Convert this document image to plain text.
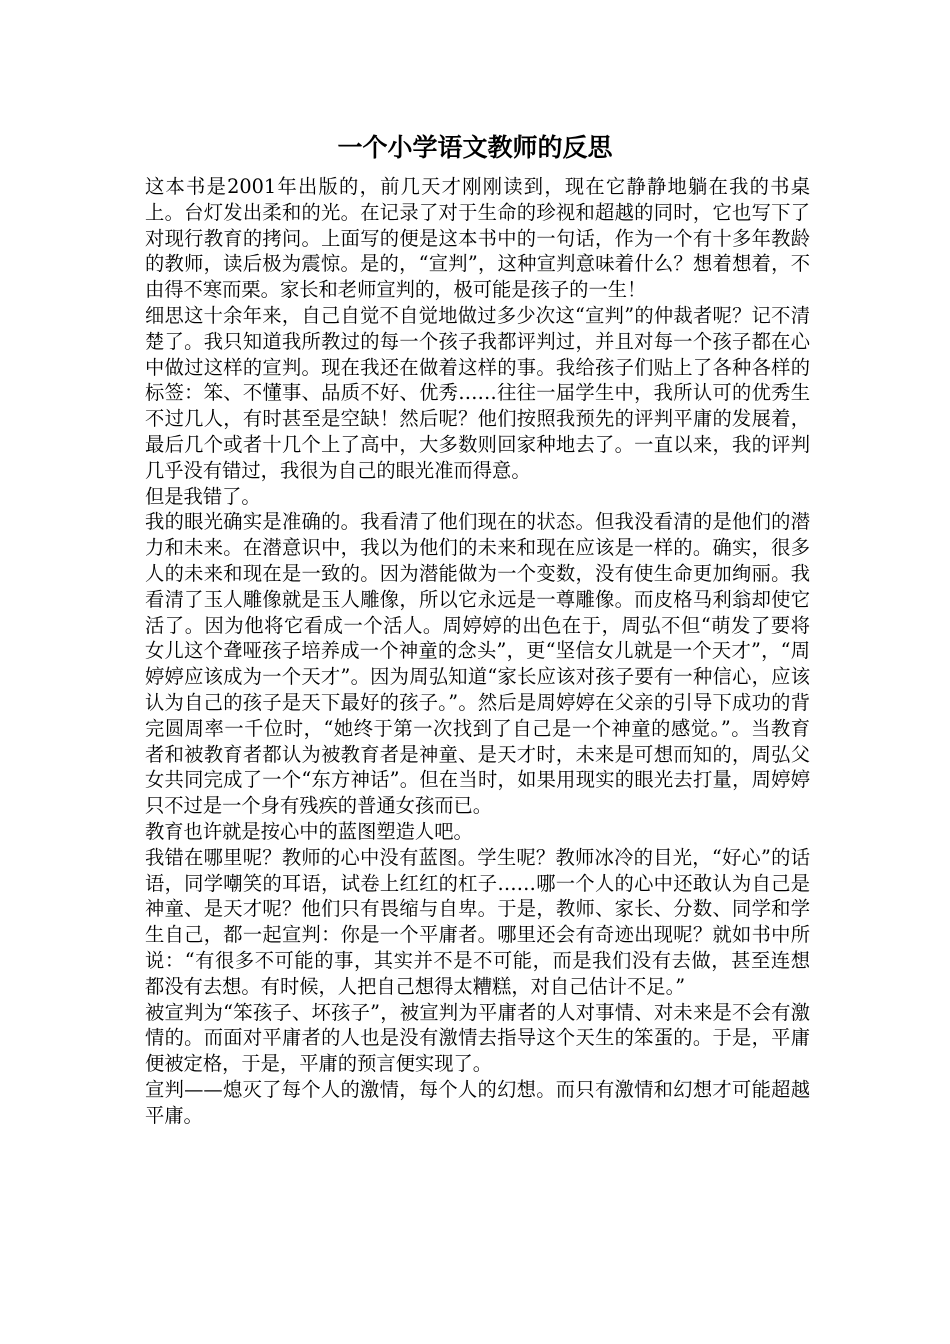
一个小学语文教师的反思

这本书是2001年出版的，前几天才刚刚读到，现在它静静地躺在我的书桌上。台灯发出柔和的光。在记录了对于生命的珍视和超越的同时，它也写下了对现行教育的拷问。上面写的便是这本书中的一句话，作为一个有十多年教龄的教师，读后极为震惊。是的，“宣判”，这种宣判意味着什么？想着想着，不由得不寒而栗。家长和老师宣判的，极可能是孩子的一生！

细思这十余年来，自己自觉不自觉地做过多少次这“宣判”的仲裁者呢？记不清楚了。我只知道我所教过的每一个孩子我都评判过，并且对每一个孩子都在心中做过这样的宣判。现在我还在做着这样的事。我给孩子们贴上了各种各样的标签：笨、不懂事、品质不好、优秀……往往一届学生中，我所认可的优秀生不过几人，有时甚至是空缺！然后呢？他们按照我预先的评判平庸的发展着，最后几个或者十几个上了高中，大多数则回家种地去了。一直以来，我的评判几乎没有错过，我很为自己的眼光准而得意。

但是我错了。

我的眼光确实是准确的。我看清了他们现在的状态。但我没看清的是他们的潜力和未来。在潜意识中，我以为他们的未来和现在应该是一样的。确实，很多人的未来和现在是一致的。因为潜能做为一个变数，没有使生命更加绚丽。我看清了玉人雕像就是玉人雕像，所以它永远是一尊雕像。而皮格马利翁却使它活了。因为他将它看成一个活人。周婷婷的出色在于，周弘不但“萌发了要将女儿这个聋哑孩子培养成一个神童的念头”，更“坚信女儿就是一个天才”，“周婷婷应该成为一个天才”。因为周弘知道“家长应该对孩子要有一种信心，应该认为自己的孩子是天下最好的孩子。”。然后是周婷婷在父亲的引导下成功的背完圆周率一千位时，“她终于第一次找到了自己是一个神童的感觉。”。当教育者和被教育者都认为被教育者是神童、是天才时，未来是可想而知的，周弘父女共同完成了一个“东方神话”。但在当时，如果用现实的眼光去打量，周婷婷只不过是一个身有残疾的普通女孩而已。

教育也许就是按心中的蓝图塑造人吧。

我错在哪里呢？教师的心中没有蓝图。学生呢？教师冰冷的目光，“好心”的话语，同学嘲笑的耳语，试卷上红红的杠子……哪一个人的心中还敢认为自己是神童、是天才呢？他们只有畏缩与自卑。于是，教师、家长、分数、同学和学生自己，都一起宣判：你是一个平庸者。哪里还会有奇迹出现呢？就如书中所说：“有很多不可能的事，其实并不是不可能，而是我们没有去做，甚至连想都没有去想。有时候，人把自己想得太糟糕，对自己估计不足。”

被宣判为“笨孩子、坏孩子”，被宣判为平庸者的人对事情、对未来是不会有激情的。而面对平庸者的人也是没有激情去指导这个天生的笨蛋的。于是，平庸便被定格，于是，平庸的预言便实现了。

宣判——熄灭了每个人的激情，每个人的幻想。而只有激情和幻想才可能超越平庸。
